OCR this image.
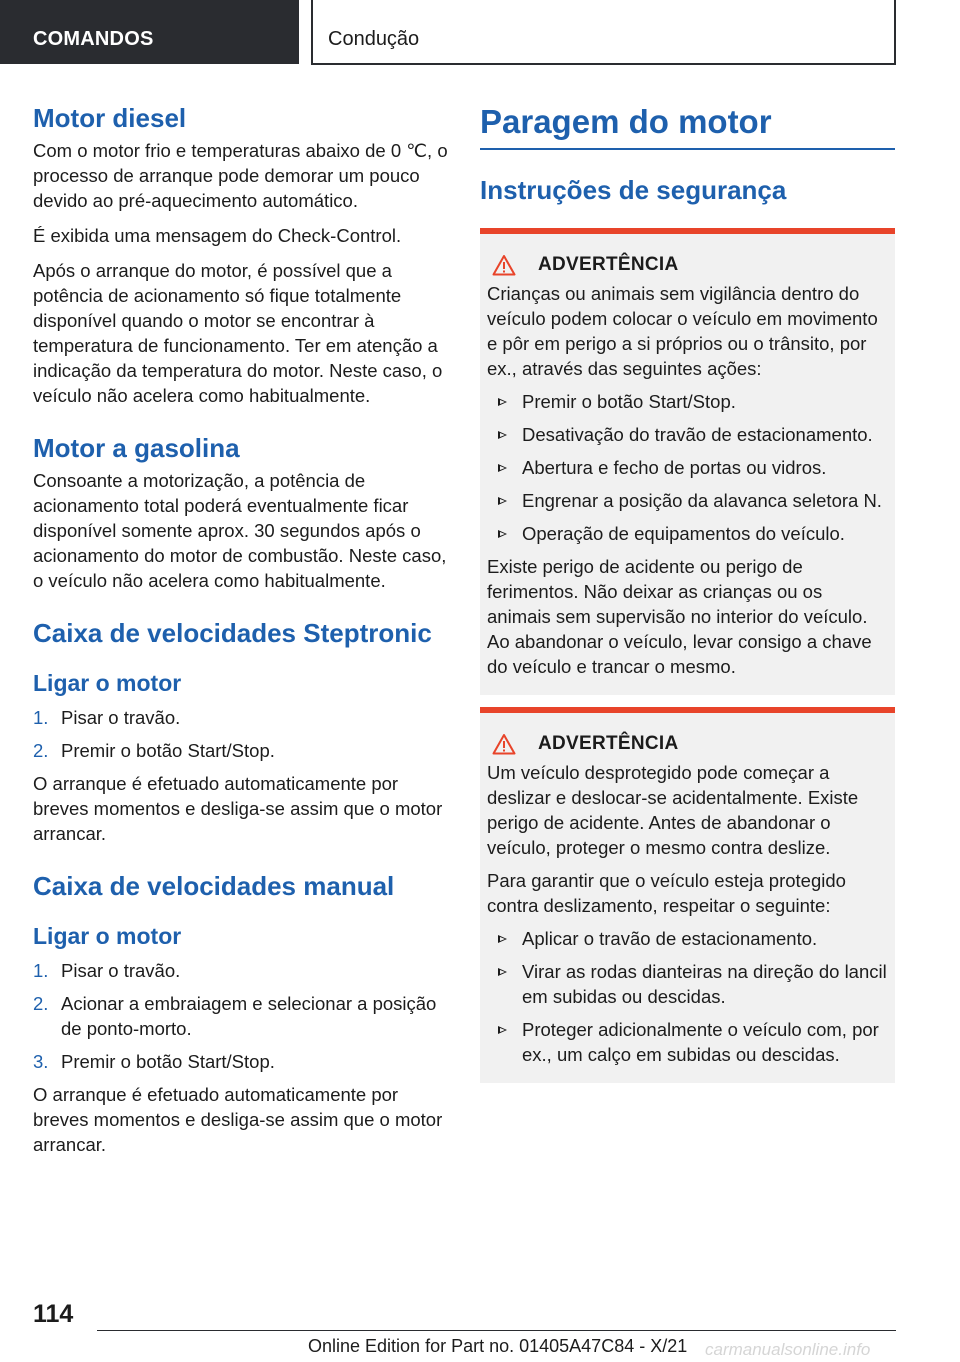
COMANDOS	Condução
Motor diesel

Com o motor frio e temperaturas abaixo de 0 ℃, o processo de arranque pode demorar um pouco devido ao pré-aquecimento automático.

É exibida uma mensagem do Check-Control.

Após o arranque do motor, é possível que a potência de acionamento só fique totalmente disponível quando o motor se encontrar à temperatura de funcionamento. Ter em atenção a indicação da temperatura do motor. Neste caso, o veículo não acelera como habitualmente.

Motor a gasolina

Consoante a motorização, a potência de acionamento total poderá eventualmente ficar disponível somente aprox. 30 segundos após o acionamento do motor de combustão. Neste caso, o veículo não acelera como habitualmente.

Caixa de velocidades Steptronic
Ligar o motor
1. Pisar o travão.
2. Premir o botão Start/Stop.

O arranque é efetuado automaticamente por breves momentos e desliga-se assim que o motor arrancar.

Caixa de velocidades manual
Ligar o motor
1. Pisar o travão.
2. Acionar a embraiagem e selecionar a posição de ponto-morto.
3. Premir o botão Start/Stop.

O arranque é efetuado automaticamente por breves momentos e desliga-se assim que o motor arrancar.

Paragem do motor
Instruções de segurança
ADVERTÊNCIA

Crianças ou animais sem vigilância dentro do veículo podem colocar o veículo em movimento e pôr em perigo a si próprios ou o trânsito, por ex., através das seguintes ações:

Premir o botão Start/Stop.
Desativação do travão de estacionamento.
Abertura e fecho de portas ou vidros.
Engrenar a posição da alavanca seletora N.
Operação de equipamentos do veículo.

Existe perigo de acidente ou perigo de ferimentos. Não deixar as crianças ou os animais sem supervisão no interior do veículo. Ao abandonar o veículo, levar consigo a chave do veículo e trancar o mesmo.

ADVERTÊNCIA

Um veículo desprotegido pode começar a deslizar e deslocar-se acidentalmente. Existe perigo de acidente. Antes de abandonar o veículo, proteger o mesmo contra deslize.

Para garantir que o veículo esteja protegido contra deslizamento, respeitar o seguinte:

Aplicar o travão de estacionamento.
Virar as rodas dianteiras na direção do lancil em subidas ou descidas.
Proteger adicionalmente o veículo com, por ex., um calço em subidas ou descidas.
114
Online Edition for Part no. 01405A47C84 - X/21 carmanualsonline.info
